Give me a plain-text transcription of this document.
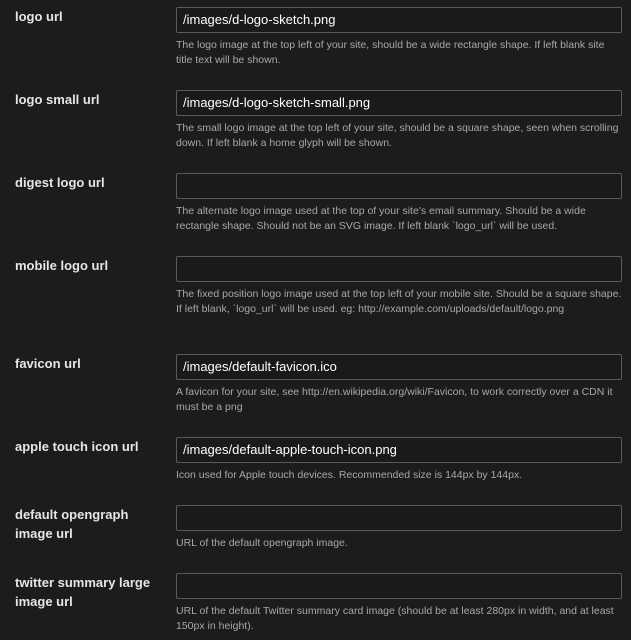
logo url	/images/d-logo-sketch.png
The logo image at the top left of your site, should be a wide rectangle shape. If left blank site title text will be shown.
logo small url	/images/d-logo-sketch-small.png
The small logo image at the top left of your site, should be a square shape, seen when scrolling down. If left blank a home glyph will be shown.
digest logo url
The alternate logo image used at the top of your site's email summary. Should be a wide rectangle shape. Should not be an SVG image. If left blank `logo_url` will be used.
mobile logo url
The fixed position logo image used at the top left of your mobile site. Should be a square shape. If left blank, `logo_url` will be used. eg: http://example.com/uploads/default/logo.png
favicon url	/images/default-favicon.ico
A favicon for your site, see http://en.wikipedia.org/wiki/Favicon, to work correctly over a CDN it must be a png
apple touch icon url	/images/default-apple-touch-icon.png
Icon used for Apple touch devices. Recommended size is 144px by 144px.
default opengraph image url
URL of the default opengraph image.
twitter summary large image url
URL of the default Twitter summary card image (should be at least 280px in width, and at least 150px in height).
